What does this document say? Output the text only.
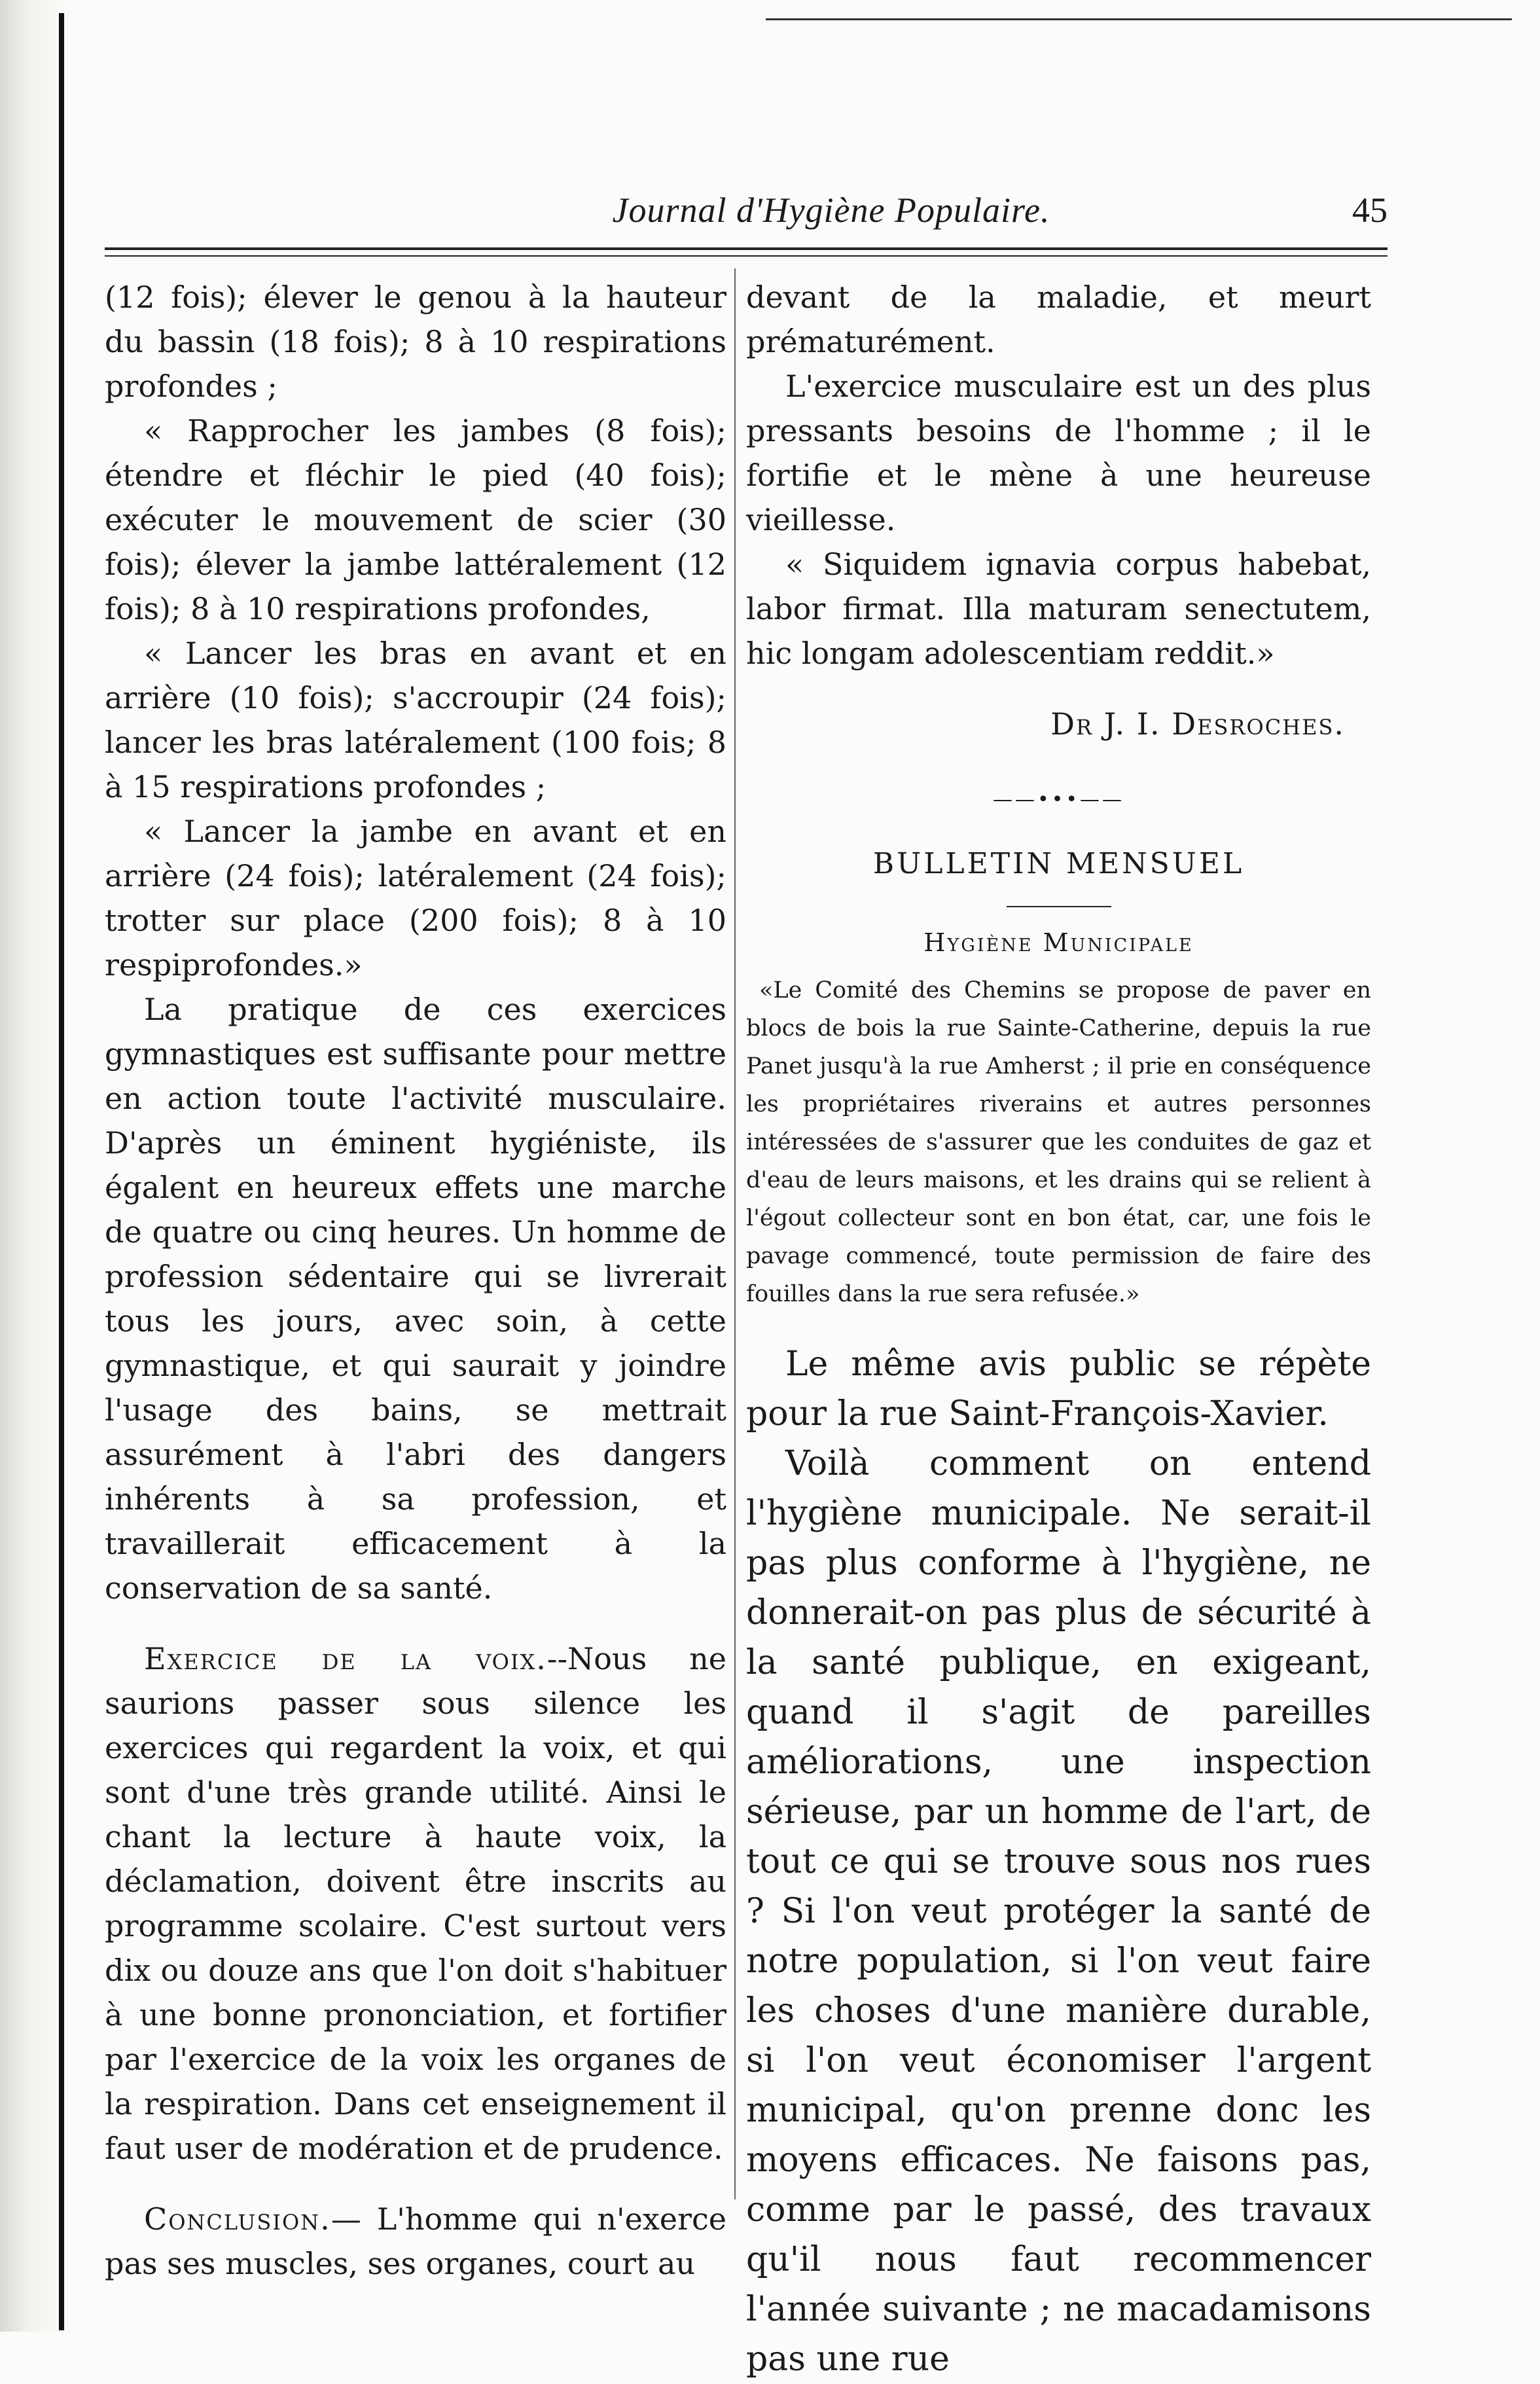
Journal d'Hygiène Populaire.	45

(12 fois); élever le genou à la hauteur du bassin (18 fois); 8 à 10 respirations profondes ;

« Rapprocher les jambes (8 fois); étendre et fléchir le pied (40 fois); exécuter le mouvement de scier (30 fois); élever la jambe lattéralement (12 fois); 8 à 10 respirations profondes,

« Lancer les bras en avant et en arrière (10 fois); s'accroupir (24 fois); lancer les bras latéralement (100 fois; 8 à 15 respirations profondes ;

« Lancer la jambe en avant et en arrière (24 fois); latéralement (24 fois); trotter sur place (200 fois); 8 à 10 respiprofondes.»

La pratique de ces exercices gymnastiques est suffisante pour mettre en action toute l'activité musculaire. D'après un éminent hygiéniste, ils égalent en heureux effets une marche de quatre ou cinq heures. Un homme de profession sédentaire qui se livrerait tous les jours, avec soin, à cette gymnastique, et qui saurait y joindre l'usage des bains, se mettrait assurément à l'abri des dangers inhérents à sa profession, et travaillerait efficacement à la conservation de sa santé.

Exercice de la voix.--Nous ne saurions passer sous silence les exercices qui regardent la voix, et qui sont d'une très grande utilité. Ainsi le chant la lecture à haute voix, la déclamation, doivent être inscrits au programme scolaire. C'est surtout vers dix ou douze ans que l'on doit s'habituer à une bonne prononciation, et fortifier par l'exercice de la voix les organes de la respiration. Dans cet enseignement il faut user de modération et de prudence.

Conclusion.— L'homme qui n'exerce pas ses muscles, ses organes, court au

devant de la maladie, et meurt prématurément.

L'exercice musculaire est un des plus pressants besoins de l'homme ; il le fortifie et le mène à une heureuse vieillesse.

« Siquidem ignavia corpus habebat, labor firmat. Illa maturam senectutem, hic longam adolescentiam reddit.»

Dr J. I. Desroches.
——•••——
BULLETIN MENSUEL
Hygiène Municipale

«Le Comité des Chemins se propose de paver en blocs de bois la rue Sainte-Catherine, depuis la rue Panet jusqu'à la rue Amherst ; il prie en conséquence les propriétaires riverains et autres personnes intéressées de s'assurer que les conduites de gaz et d'eau de leurs maisons, et les drains qui se relient à l'égout collecteur sont en bon état, car, une fois le pavage commencé, toute permission de faire des fouilles dans la rue sera refusée.»

Le même avis public se répète pour la rue Saint-François-Xavier.

Voilà comment on entend l'hygiène municipale. Ne serait-il pas plus conforme à l'hygiène, ne donnerait-on pas plus de sécurité à la santé publique, en exigeant, quand il s'agit de pareilles améliorations, une inspection sérieuse, par un homme de l'art, de tout ce qui se trouve sous nos rues ? Si l'on veut protéger la santé de notre population, si l'on veut faire les choses d'une manière durable, si l'on veut économiser l'argent municipal, qu'on prenne donc les moyens efficaces. Ne faisons pas, comme par le passé, des travaux qu'il nous faut recommencer l'année suivante ; ne macadamisons pas une rue
